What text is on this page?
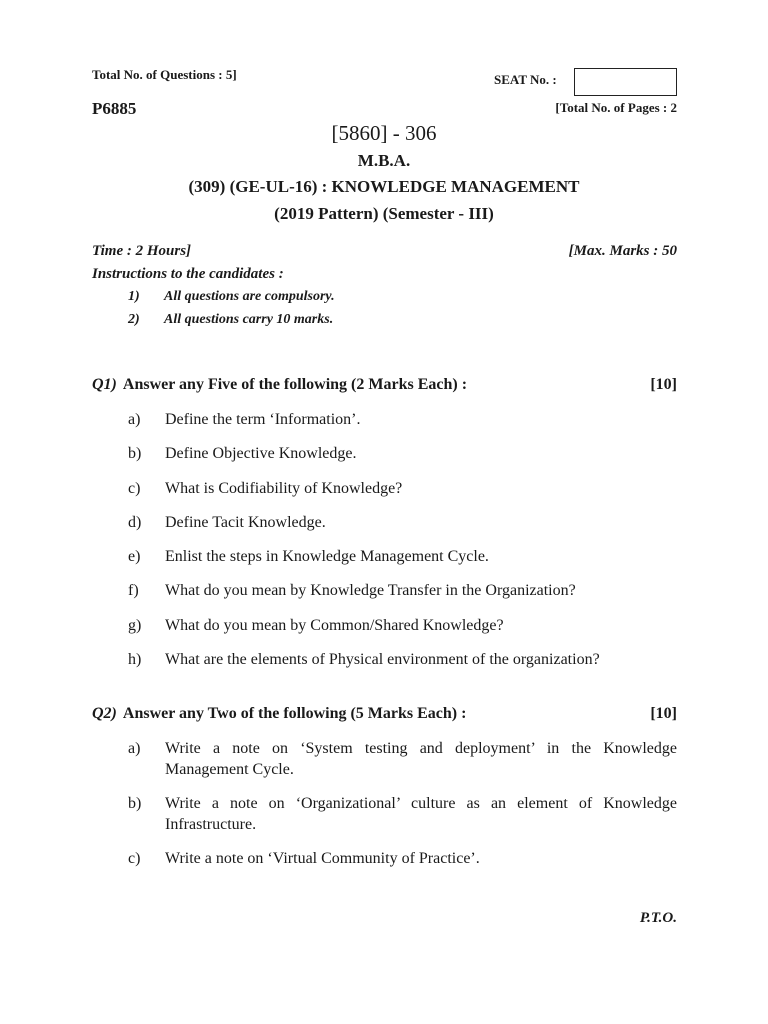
Total No. of Questions : 5]	SEAT No. :
P6885	[Total No. of Pages : 2
[5860] - 306
M.B.A.
(309) (GE-UL-16) : KNOWLEDGE MANAGEMENT
(2019 Pattern) (Semester - III)
Time : 2 Hours]	[Max. Marks : 50
Instructions to the candidates :
1) All questions are compulsory.
2) All questions carry 10 marks.
Q1) Answer any Five of the following (2 Marks Each) :	[10]
a)	Define the term ‘Information’.
b)	Define Objective Knowledge.
c)	What is Codifiability of Knowledge?
d)	Define Tacit Knowledge.
e)	Enlist the steps in Knowledge Management Cycle.
f)	What do you mean by Knowledge Transfer in the Organization?
g)	What do you mean by Common/Shared Knowledge?
h)	What are the elements of Physical environment of the organization?
Q2) Answer any Two of the following (5 Marks Each) :	[10]
a)	Write a note on ‘System testing and deployment’ in the Knowledge Management Cycle.
b)	Write a note on ‘Organizational’ culture as an element of Knowledge Infrastructure.
c)	Write a note on ‘Virtual Community of Practice’.
P.T.O.
